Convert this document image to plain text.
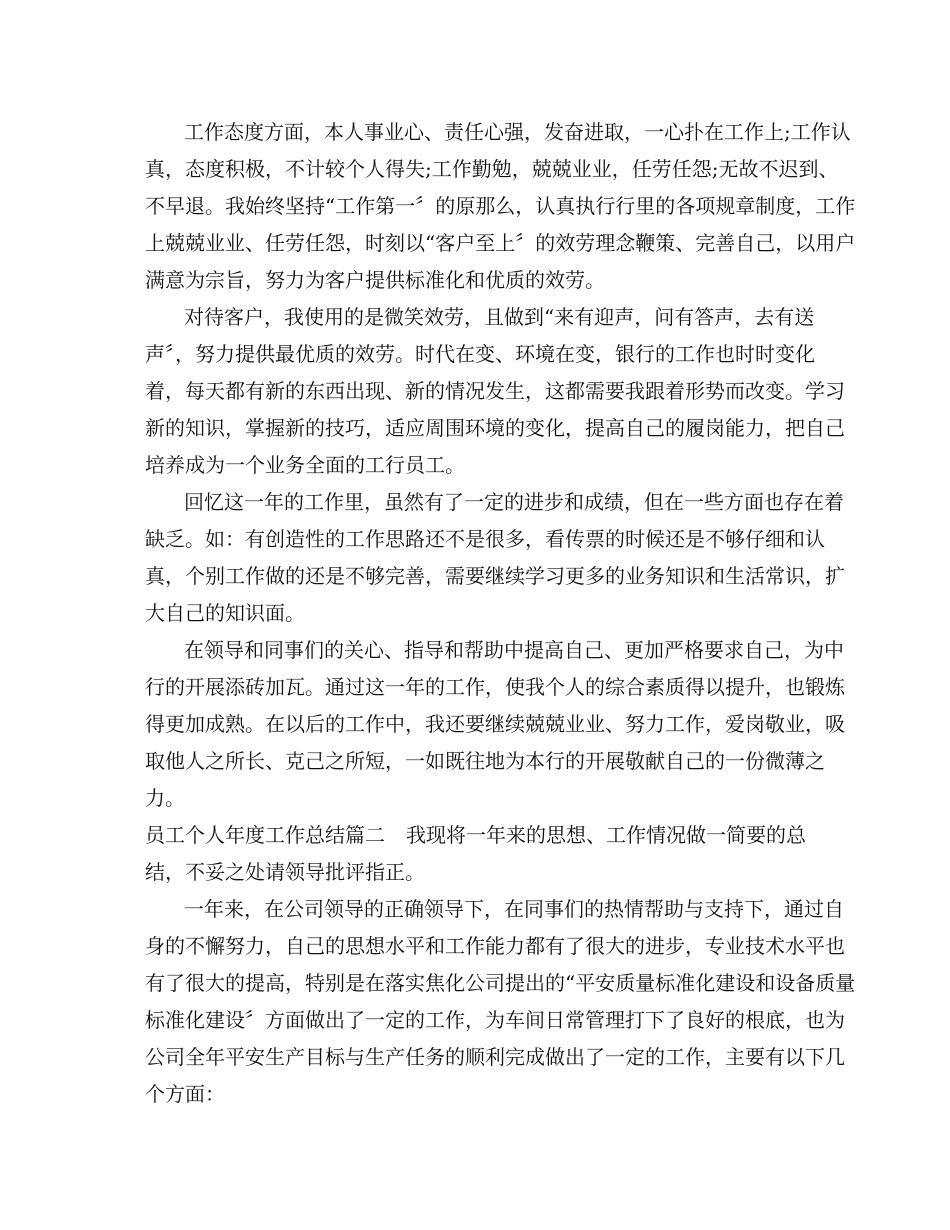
工作态度方面，本人事业心、责任心强，发奋进取，一心扑在工作上;工作认

真，态度积极，不计较个人得失;工作勤勉，兢兢业业，任劳任怨;无故不迟到、

不早退。我始终坚持“工作第一〞的原那么，认真执行行里的各项规章制度，工作

上兢兢业业、任劳任怨，时刻以“客户至上〞的效劳理念鞭策、完善自己，以用户

满意为宗旨，努力为客户提供标准化和优质的效劳。

对待客户，我使用的是微笑效劳，且做到“来有迎声，问有答声，去有送

声〞，努力提供最优质的效劳。时代在变、环境在变，银行的工作也时时变化

着，每天都有新的东西出现、新的情况发生，这都需要我跟着形势而改变。学习

新的知识，掌握新的技巧，适应周围环境的变化，提高自己的履岗能力，把自己

培养成为一个业务全面的工行员工。

回忆这一年的工作里，虽然有了一定的进步和成绩，但在一些方面也存在着

缺乏。如：有创造性的工作思路还不是很多，看传票的时候还是不够仔细和认

真，个别工作做的还是不够完善，需要继续学习更多的业务知识和生活常识，扩

大自己的知识面。

在领导和同事们的关心、指导和帮助中提高自己、更加严格要求自己，为中

行的开展添砖加瓦。通过这一年的工作，使我个人的综合素质得以提升，也锻炼

得更加成熟。在以后的工作中，我还要继续兢兢业业、努力工作，爱岗敬业，吸

取他人之所长、克己之所短，一如既往地为本行的开展敬献自己的一份微薄之

力。

员工个人年度工作总结篇二 我现将一年来的思想、工作情况做一简要的总

结，不妥之处请领导批评指正。

一年来，在公司领导的正确领导下，在同事们的热情帮助与支持下，通过自

身的不懈努力，自己的思想水平和工作能力都有了很大的进步，专业技术水平也

有了很大的提高，特别是在落实焦化公司提出的“平安质量标准化建设和设备质量

标准化建设〞方面做出了一定的工作，为车间日常管理打下了良好的根底，也为

公司全年平安生产目标与生产任务的顺利完成做出了一定的工作，主要有以下几

个方面：
